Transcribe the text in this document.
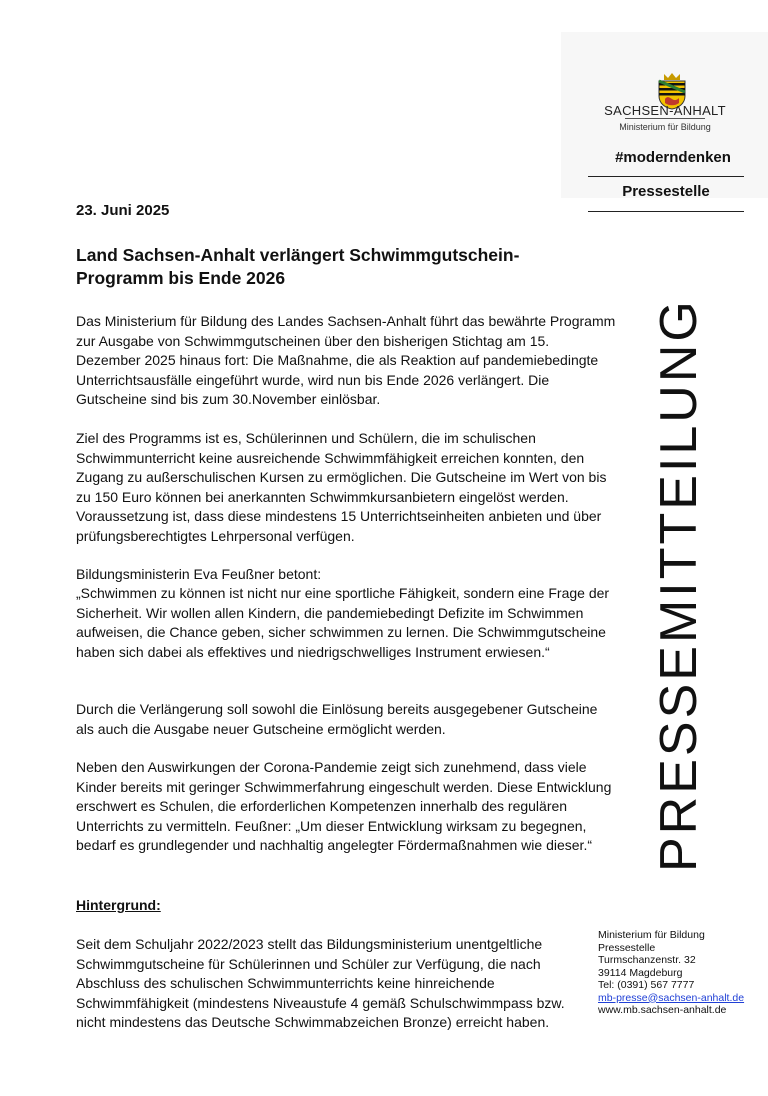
SACHSEN-ANHALT
Ministerium für Bildung
#moderndenken
Pressestelle
PRESSEMITTEILUNG
23. Juni 2025
Land Sachsen-Anhalt verlängert Schwimmgutschein-Programm bis Ende 2026

Das Ministerium für Bildung des Landes Sachsen-Anhalt führt das bewährte Programm zur Ausgabe von Schwimmgutscheinen über den bisherigen Stichtag am 15. Dezember 2025 hinaus fort: Die Maßnahme, die als Reaktion auf pandemiebedingte Unterrichtsausfälle eingeführt wurde, wird nun bis Ende 2026 verlängert. Die Gutscheine sind bis zum 30.November einlösbar.

Ziel des Programms ist es, Schülerinnen und Schülern, die im schulischen Schwimmunterricht keine ausreichende Schwimmfähigkeit erreichen konnten, den Zugang zu außerschulischen Kursen zu ermöglichen. Die Gutscheine im Wert von bis zu 150 Euro können bei anerkannten Schwimmkursanbietern eingelöst werden. Voraussetzung ist, dass diese mindestens 15 Unterrichtseinheiten anbieten und über prüfungsberechtigtes Lehrpersonal verfügen.

Bildungsministerin Eva Feußner betont:

„Schwimmen zu können ist nicht nur eine sportliche Fähigkeit, sondern eine Frage der Sicherheit. Wir wollen allen Kindern, die pandemiebedingt Defizite im Schwimmen aufweisen, die Chance geben, sicher schwimmen zu lernen. Die Schwimmgutscheine haben sich dabei als effektives und niedrigschwelliges Instrument erwiesen.“

Durch die Verlängerung soll sowohl die Einlösung bereits ausgegebener Gutscheine als auch die Ausgabe neuer Gutscheine ermöglicht werden.

Neben den Auswirkungen der Corona-Pandemie zeigt sich zunehmend, dass viele Kinder bereits mit geringer Schwimmerfahrung eingeschult werden. Diese Entwicklung erschwert es Schulen, die erforderlichen Kompetenzen innerhalb des regulären Unterrichts zu vermitteln. Feußner: „Um dieser Entwicklung wirksam zu begegnen, bedarf es grundlegender und nachhaltig angelegter Fördermaßnahmen wie dieser.“

Hintergrund:

Seit dem Schuljahr 2022/2023 stellt das Bildungsministerium unentgeltliche Schwimmgutscheine für Schülerinnen und Schüler zur Verfügung, die nach Abschluss des schulischen Schwimmunterrichts keine hinreichende Schwimmfähigkeit (mindestens Niveaustufe 4 gemäß Schulschwimmpass bzw. nicht mindestens das Deutsche Schwimmabzeichen Bronze) erreicht haben.

Ministerium für Bildung
Pressestelle
Turmschanzenstr. 32
39114 Magdeburg
Tel: (0391) 567 7777
mb-presse@sachsen-anhalt.de
www.mb.sachsen-anhalt.de
